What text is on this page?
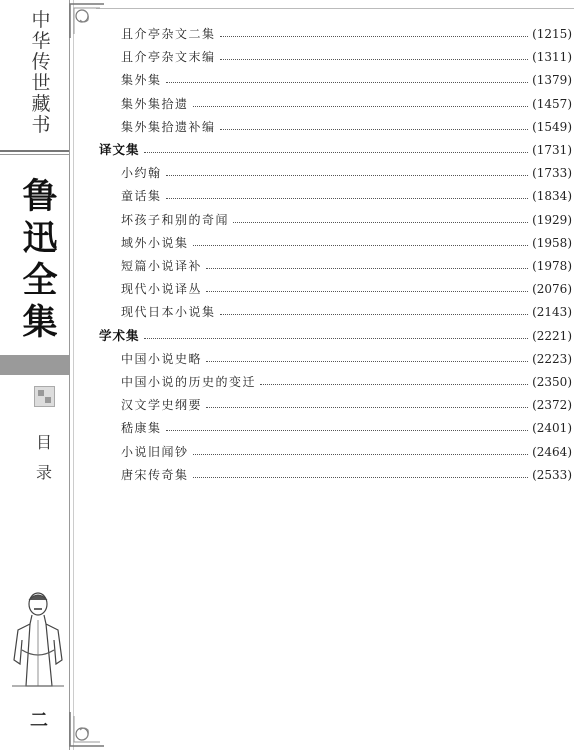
中华传世藏书
鲁迅全集
目录
二
且介亭杂文二集	(1215)
且介亭杂文末编	(1311)
集外集	(1379)
集外集拾遗	(1457)
集外集拾遗补编	(1549)
译文集	(1731)
小约翰	(1733)
童话集	(1834)
坏孩子和别的奇闻	(1929)
域外小说集	(1958)
短篇小说译补	(1978)
现代小说译丛	(2076)
现代日本小说集	(2143)
学术集	(2221)
中国小说史略	(2223)
中国小说的历史的变迁	(2350)
汉文学史纲要	(2372)
嵇康集	(2401)
小说旧闻钞	(2464)
唐宋传奇集	(2533)
